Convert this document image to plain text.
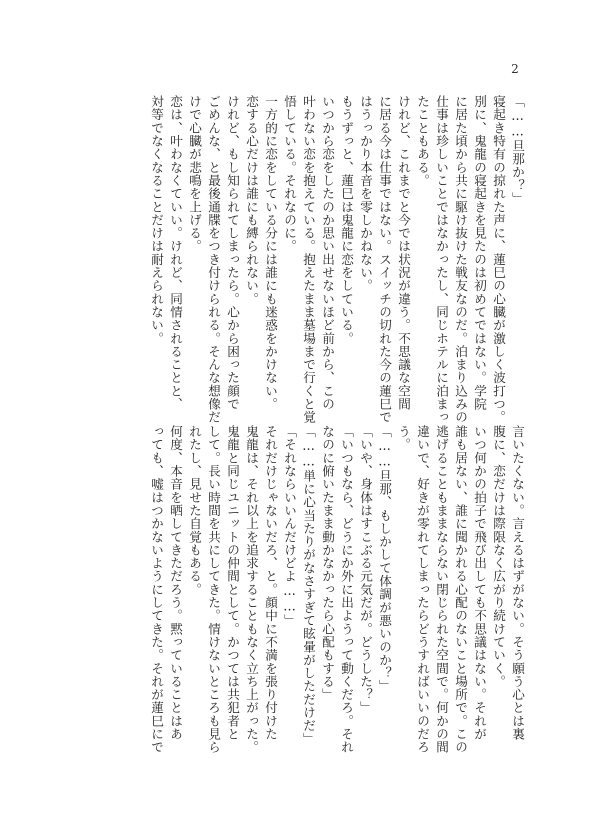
2
「……旦那か？」
寝起き特有の掠れた声に、蓮巳の心臓が激しく波打つ。
別に、鬼龍の寝起きを見たのは初めてではない。学院
に居た頃から共に駆け抜けた戦友なのだ。泊まり込みの
仕事は珍しいことではなかったし、同じホテルに泊まっ
たこともある。
けれど、これまでと今では状況が違う。不思議な空間
に居る今は仕事ではない。スイッチの切れた今の蓮巳で
はうっかり本音を零しかねない。
もうずっと、蓮巳は鬼龍に恋をしている。
いつから恋をしたのか思い出せないほど前から、この
叶わない恋を抱えている。抱えたまま墓場まで行くと覚
悟している。それなのに。
一方的に恋をしている分には誰にも迷惑をかけない。
恋する心だけは誰にも縛られない。
けれど、もし知られてしまったら。心から困った顔で
ごめんな、と最後通牒をつき付けられる。そんな想像だ
けで心臓が悲鳴を上げる。
恋は、叶わなくていい。けれど、同情されることと、
対等でなくなることだけは耐えられない。
言いたくない。言えるはずがない。そう願う心とは裏
腹に、恋だけは際限なく広がり続けていく。
いつ何かの拍子で飛び出しても不思議はない。それが
誰も居ない、誰に聞かれる心配のないこと場所で。この
逃げることもままならない閉じられた空間で。何かの間
違いで、好きが零れてしまったらどうすればいいのだろ
う。
「……旦那、もしかして体調が悪いのか？」
「いや、身体はすこぶる元気だが。どうした？」
「いつもなら、どうにか外に出ようって動くだろ。それ
なのに俯いたまま動かなかったら心配もする」
「……単に心当たりがなさすぎて眩暈がしただけだ」
「それならいいんだけどよ……」
それだけじゃないだろ、と。顔中に不満を張り付けた
鬼龍は、それ以上を追求することもなく立ち上がった。
鬼龍と同じユニットの仲間として。かつては共犯者と
して。長い時間を共にしてきた。情けないところも見ら
れたし、見せた自覚もある。
何度、本音を晒してきただろう。黙っていることはあ
っても、嘘はつかないようにしてきた。それが蓮巳にで
